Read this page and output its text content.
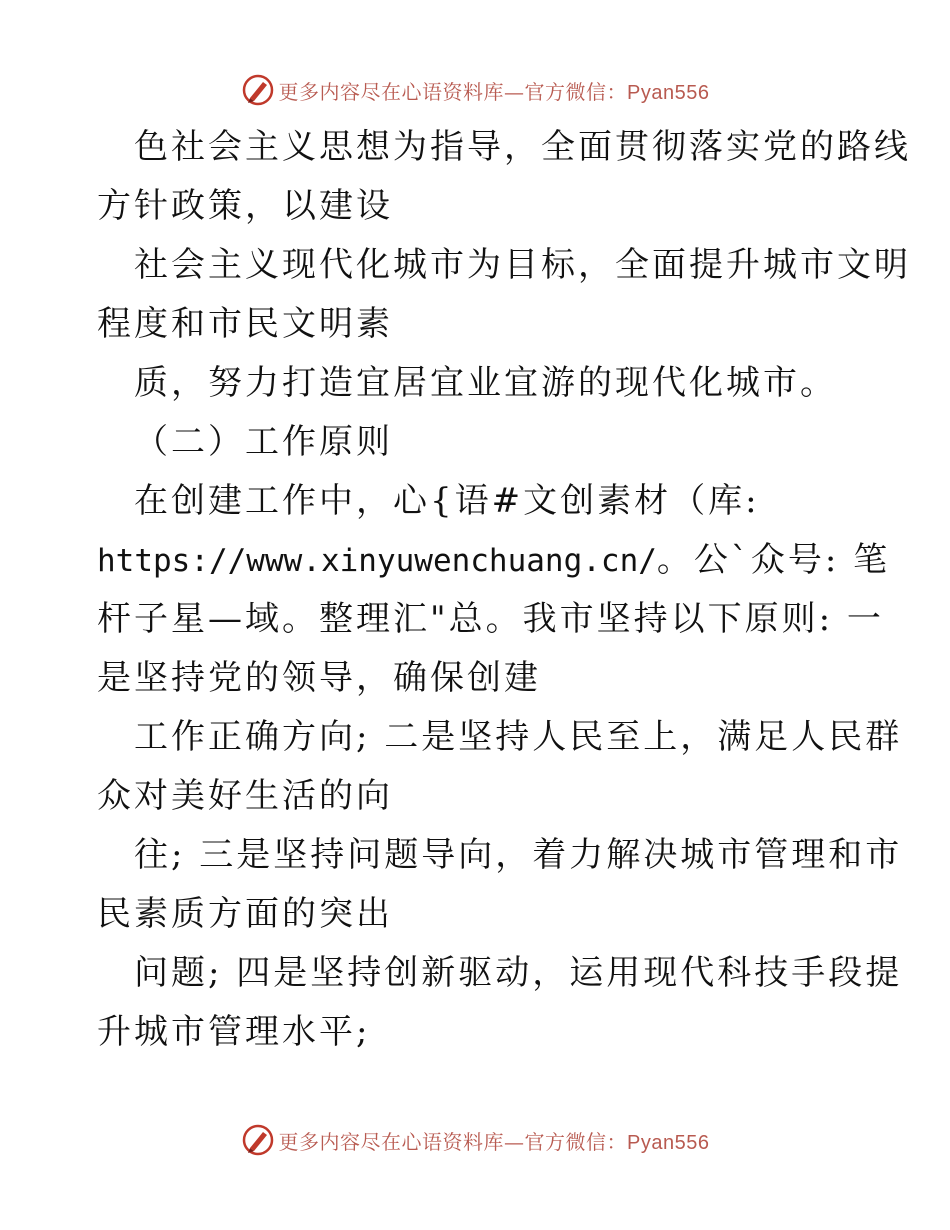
更多内容尽在心语资料库—官方微信：Pyan556
色社会主义思想为指导，全面贯彻落实党的路线
方针政策，以建设
社会主义现代化城市为目标，全面提升城市文明
程度和市民文明素
质，努力打造宜居宜业宜游的现代化城市。
（二）工作原则
在创建工作中，心{语#文创素材（库:
https://www.xinyuwenchuang.cn/。公`众号: 笔
杆子星—域。整理汇"总。我市坚持以下原则: 一
是坚持党的领导，确保创建
工作正确方向; 二是坚持人民至上，满足人民群
众对美好生活的向
往; 三是坚持问题导向，着力解决城市管理和市
民素质方面的突出
问题; 四是坚持创新驱动，运用现代科技手段提
升城市管理水平;
更多内容尽在心语资料库—官方微信：Pyan556
